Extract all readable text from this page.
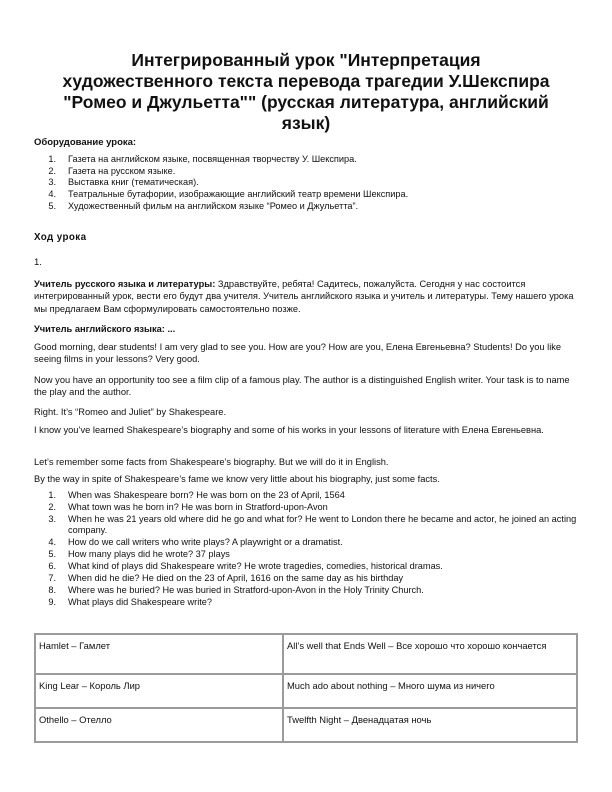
Интегрированный урок "Интерпретация художественного текста перевода трагедии У.Шекспира "Ромео и Джульетта"" (русская литература, английский язык)

Оборудование урока:

1.	Газета на английском языке, посвященная творчеству У. Шекспира.
2.	Газета на русском языке.
3.	Выставка книг (тематическая).
4.	Театральные бутафории, изображающие английский театр времени Шекспира.
5.	Художественный фильм на английском языке “Ромео и Джульетта”.

Ход урока

1.

Учитель русского языка и литературы: Здравствуйте, ребята! Садитесь, пожалуйста. Сегодня у нас состоится интегрированный урок, вести его будут два учителя. Учитель английского языка и учитель и литературы. Тему нашего урока мы предлагаем Вам сформулировать самостоятельно позже.

Учитель английского языка: ...

Good morning, dear students! I am very glad to see you. How are you? How are you, Елена Евгеньевна? Students! Do you like seeing films in your lessons? Very good.

Now you have an opportunity too see a film clip of a famous play. The author is a distinguished English writer. Your task is to name the play and the author.

Right. It’s “Romeo and Juliet” by Shakespeare.

I know you’ve learned Shakespeare’s biography and some of his works in your lessons of literature with Елена Евгеньевна.

Let’s remember some facts from Shakespeare’s biography. But we will do it in English.

By the way in spite of Shakespeare’s fame we know very little about his biography, just some facts.

1.	When was Shakespeare born? He was born on the 23 of April, 1564
2.	What town was he born in? He was born in Stratford-upon-Avon
3.	When he was 21 years old where did he go and what for? He went to London there he became and actor, he joined an acting company.
4.	How do we call writers who write plays? A playwright or a dramatist.
5.	How many plays did he wrote? 37 plays
6.	What kind of plays did Shakespeare write? He wrote tragedies, comedies, historical dramas.
7.	When did he die? He died on the 23 of April, 1616 on the same day as his birthday
8.	Where was he buried? He was buried in Stratford-upon-Avon in the Holy Trinity Church.
9.	What plays did Shakespeare write?
Hamlet – Гамлет	All’s well that Ends Well – Все хорошо что хорошо кончается
King Lear – Король Лир	Much ado about nothing – Много шума из ничего
Othello – Отелло	Twelfth Night – Двенадцатая ночь
